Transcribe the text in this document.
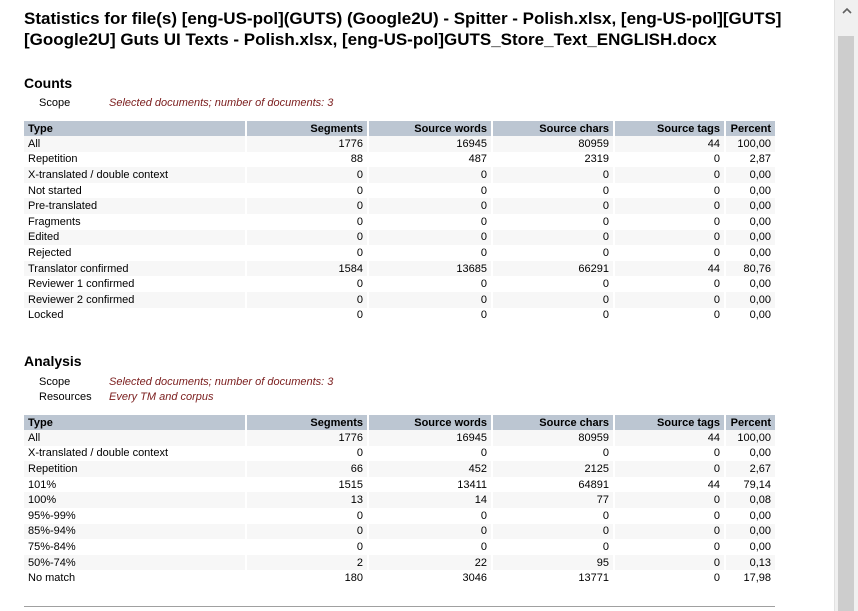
Statistics for file(s) [eng-US-pol](GUTS) (Google2U) - Spitter - Polish.xlsx, [eng-US-pol][GUTS] [Google2U] Guts UI Texts - Polish.xlsx, [eng-US-pol]GUTS_Store_Text_ENGLISH.docx
Counts
Scope	Selected documents; number of documents: 3
Type	Segments	Source words	Source chars	Source tags	Percent
All	1776	16945	80959	44	100,00
Repetition	88	487	2319	0	2,87
X-translated / double context	0	0	0	0	0,00
Not started	0	0	0	0	0,00
Pre-translated	0	0	0	0	0,00
Fragments	0	0	0	0	0,00
Edited	0	0	0	0	0,00
Rejected	0	0	0	0	0,00
Translator confirmed	1584	13685	66291	44	80,76
Reviewer 1 confirmed	0	0	0	0	0,00
Reviewer 2 confirmed	0	0	0	0	0,00
Locked	0	0	0	0	0,00
Analysis
Scope	Selected documents; number of documents: 3
Resources Every TM and corpus
Type	Segments	Source words	Source chars	Source tags	Percent
All	1776	16945	80959	44	100,00
X-translated / double context	0	0	0	0	0,00
Repetition	66	452	2125	0	2,67
101%	1515	13411	64891	44	79,14
100%	13	14	77	0	0,08
95%-99%	0	0	0	0	0,00
85%-94%	0	0	0	0	0,00
75%-84%	0	0	0	0	0,00
50%-74%	2	22	95	0	0,13
No match	180	3046	13771	0	17,98
